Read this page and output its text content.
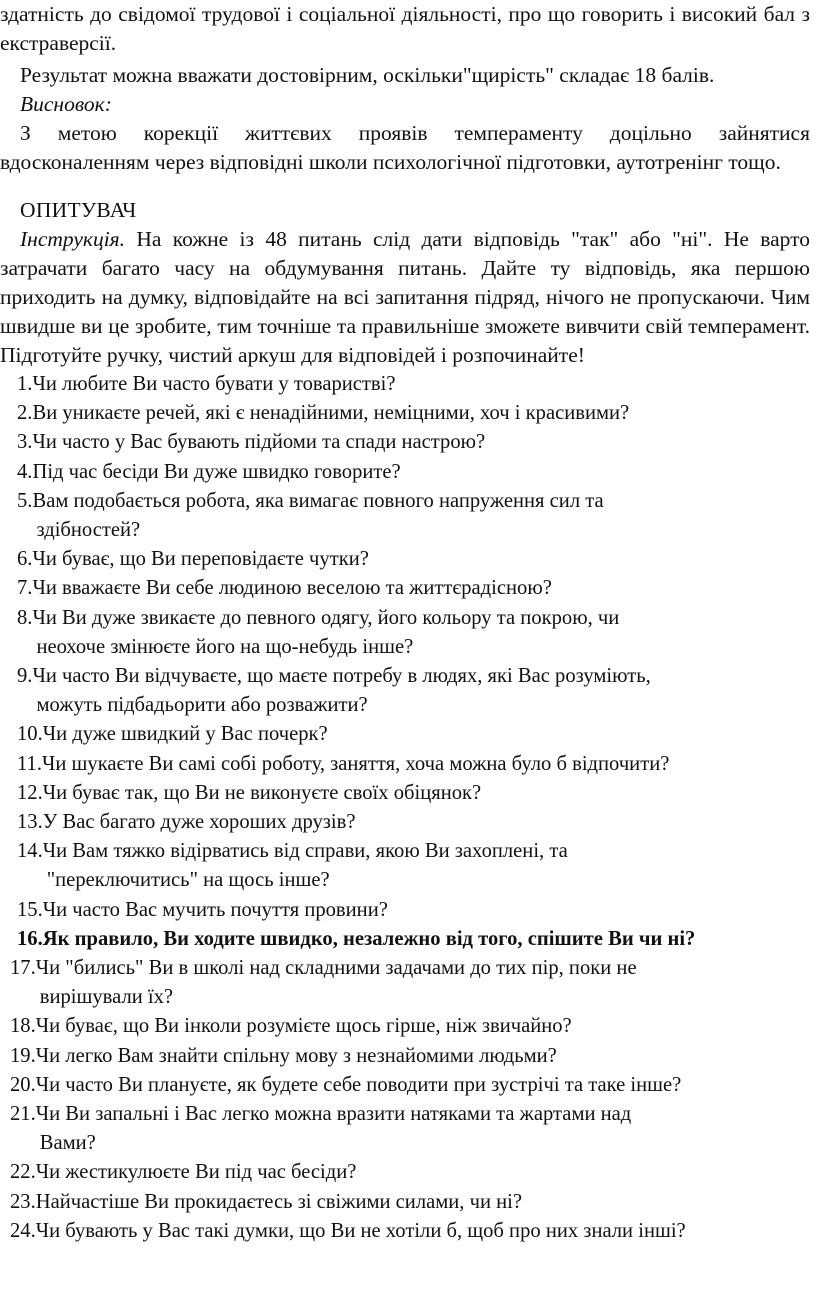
здатність до свідомої трудової і соціальної діяльності, про що говорить і високий бал з екстраверсії.

Результат можна вважати достовірним, оскільки"щирість" складає 18 балів.

Висновок:

З метою корекції життєвих проявів темпераменту доцільно зайнятися вдосконаленням через відповідні школи психологічної підготовки, аутотренінг тощо.

ОПИТУВАЧ

Інструкція. На кожне із 48 питань слід дати відповідь "так" або "ні". Не варто затрачати багато часу на обдумування питань. Дайте ту відповідь, яка першою приходить на думку, відповідайте на всі запитання підряд, нічого не пропускаючи. Чим швидше ви це зробите, тим точніше та правильніше зможете вивчити свій темперамент. Підготуйте ручку, чистий аркуш для відповідей і розпочинайте!

1. Чи любите Ви часто бувати у товаристві?
2. Ви уникаєте речей, які є ненадійними, неміцними, хоч і красивими?
3. Чи часто у Вас бувають підйоми та спади настрою?
4. Під час бесіди Ви дуже швидко говорите?
5. Вам подобається робота, яка вимагає повного напруження сил та
здібностей?
6. Чи буває, що Ви переповідаєте чутки?
7. Чи вважаєте Ви себе людиною веселою та життєрадісною?
8. Чи Ви дуже звикаєте до певного одягу, його кольору та покрою, чи
неохоче змінюєте його на що-небудь інше?
9. Чи часто Ви відчуваєте, що маєте потребу в людях, які Вас розуміють,
можуть підбадьорити або розважити?
10. Чи дуже швидкий у Вас почерк?
11. Чи шукаєте Ви самі собі роботу, заняття, хоча можна було б відпочити?
12. Чи буває так, що Ви не виконуєте своїх обіцянок?
13. У Вас багато дуже хороших друзів?
14. Чи Вам тяжко відірватись від справи, якою Ви захоплені, та
"переключитись" на щось інше?
15. Чи часто Вас мучить почуття провини?
16. Як правило, Ви ходите швидко, незалежно від того, спішите Ви чи ні?
17. Чи "бились" Ви в школі над складними задачами до тих пір, поки не
вирішували їх?
18. Чи буває, що Ви інколи розумієте щось гірше, ніж звичайно?
19. Чи легко Вам знайти спільну мову з незнайомими людьми?
20. Чи часто Ви плануєте, як будете себе поводити при зустрічі та таке інше?
21. Чи Ви запальні і Вас легко можна вразити натяками та жартами над
Вами?
22. Чи жестикулюєте Ви під час бесіди?
23. Найчастіше Ви прокидаєтесь зі свіжими силами, чи ні?
24. Чи бувають у Вас такі думки, що Ви не хотіли б, щоб про них знали інші?
